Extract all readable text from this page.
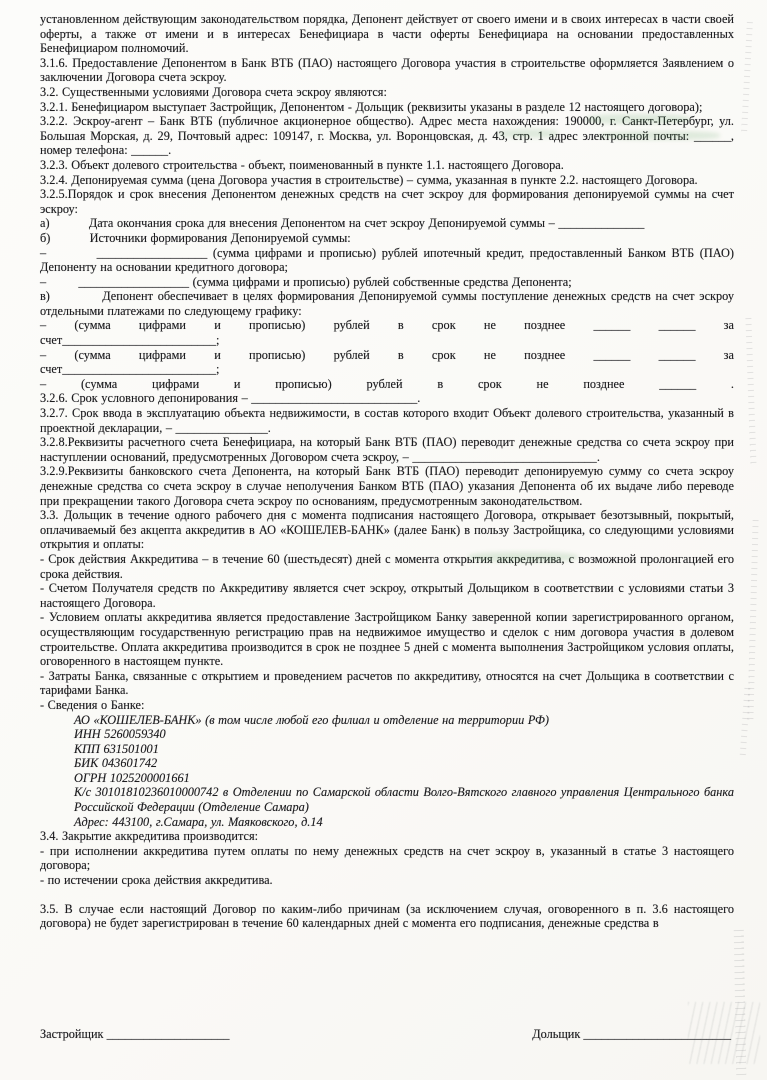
установленном действующим законодательством порядка, Депонент действует от своего имени и в своих интересах в части своей оферты, а также от имени и в интересах Бенефициара в части оферты Бенефициара на основании предоставленных Бенефициаром полномочий.

3.1.6. Предоставление Депонентом в Банк ВТБ (ПАО) настоящего Договора участия в строительстве оформляется Заявлением о заключении Договора счета эскроу.

3.2. Существенными условиями Договора счета эскроу являются:

3.2.1. Бенефициаром выступает Застройщик, Депонентом - Дольщик (реквизиты указаны в разделе 12 настоящего договора);

3.2.2. Эскроу-агент – Банк ВТБ (публичное акционерное общество). Адрес места нахождения: 190000, г. Санкт-Петербург, ул. Большая Морская, д. 29, Почтовый адрес: 109147, г. Москва, ул. Воронцовская, д. 43, стр. 1 адрес электронной почты: ______, номер телефона: ______.

3.2.3. Объект долевого строительства - объект, поименованный в пункте 1.1. настоящего Договора.

3.2.4. Депонируемая сумма (цена Договора участия в строительстве) – сумма, указанная в пункте 2.2. настоящего Договора.

3.2.5.Порядок и срок внесения Депонентом денежных средств на счет эскроу для формирования депонируемой суммы на счет эскроу:

а)           Дата окончания срока для внесения Депонентом на счет эскроу Депонируемой суммы – ______________

б)           Источники формирования Депонируемой суммы:

–         __________________ (сумма цифрами и прописью) рублей ипотечный кредит, предоставленный Банком ВТБ (ПАО) Депоненту на основании кредитного договора;

–         __________________ (сумма цифрами и прописью) рублей собственные средства Депонента;

в)           Депонент обеспечивает в целях формирования Депонируемой суммы поступление денежных средств на счет эскроу отдельными платежами по следующему графику:

– (сумма цифрами и прописью) рублей в срок не позднее ______ ______ за

счет_________________________;

– (сумма цифрами и прописью) рублей в срок не позднее ______ ______ за

счет_________________________;

– (сумма цифрами и прописью) рублей в срок не позднее ______ .

3.2.6. Срок условного депонирования – ___________________________.

3.2.7. Срок ввода в эксплуатацию объекта недвижимости, в состав которого входит Объект долевого строительства, указанный в проектной декларации, – _______________.

3.2.8.Реквизиты расчетного счета Бенефициара, на который Банк ВТБ (ПАО) переводит денежные средства со счета эскроу при наступлении оснований, предусмотренных Договором счета эскроу, – ______________________________.

3.2.9.Реквизиты банковского счета Депонента, на который Банк ВТБ (ПАО) переводит депонируемую сумму со счета эскроу денежные средства со счета эскроу в случае неполучения Банком ВТБ (ПАО) указания Депонента об их выдаче либо переводе при прекращении такого Договора счета эскроу по основаниям, предусмотренным законодательством.

3.3. Дольщик в течение одного рабочего дня с момента подписания настоящего Договора, открывает безотзывный, покрытый, оплачиваемый без акцепта аккредитив в АО «КОШЕЛЕВ-БАНК» (далее Банк) в пользу Застройщика, со следующими условиями открытия и оплаты:

- Срок действия Аккредитива – в течение 60 (шестьдесят) дней с момента открытия аккредитива, с возможной пролонгацией его срока действия.

- Счетом Получателя средств по Аккредитиву является счет эскроу, открытый Дольщиком в соответствии с условиями статьи 3 настоящего Договора.

- Условием оплаты аккредитива является предоставление Застройщиком Банку заверенной копии зарегистрированного органом, осуществляющим государственную регистрацию прав на недвижимое имущество и сделок с ним договора участия в долевом строительстве. Оплата аккредитива производится в срок не позднее 5 дней с момента выполнения Застройщиком условия оплаты, оговоренного в настоящем пункте.

- Затраты Банка, связанные с открытием и проведением расчетов по аккредитиву, относятся на счет Дольщика в соответствии с тарифами Банка.

- Сведения о Банке:

АО «КОШЕЛЕВ-БАНК» (в том числе любой его филиал и отделение на территории РФ)

ИНН 5260059340

КПП 631501001

БИК 043601742

ОГРН 1025200001661

К/с 30101810236010000742 в Отделении по Самарской области Волго-Вятского главного управления Центрального банка Российской Федерации (Отделение Самара)

Адрес: 443100, г.Самара, ул. Маяковского, д.14

3.4. Закрытие аккредитива производится:

- при исполнении аккредитива путем оплаты по нему денежных средств на счет эскроу в, указанный в статье 3 настоящего договора;

- по истечении срока действия аккредитива.

3.5. В случае если настоящий Договор по каким-либо причинам (за исключением случая, оговоренного в п. 3.6 настоящего договора) не будет зарегистрирован в течение 60 календарных дней с момента его подписания, денежные средства в

Застройщик ____________________	Дольщик ________________________
